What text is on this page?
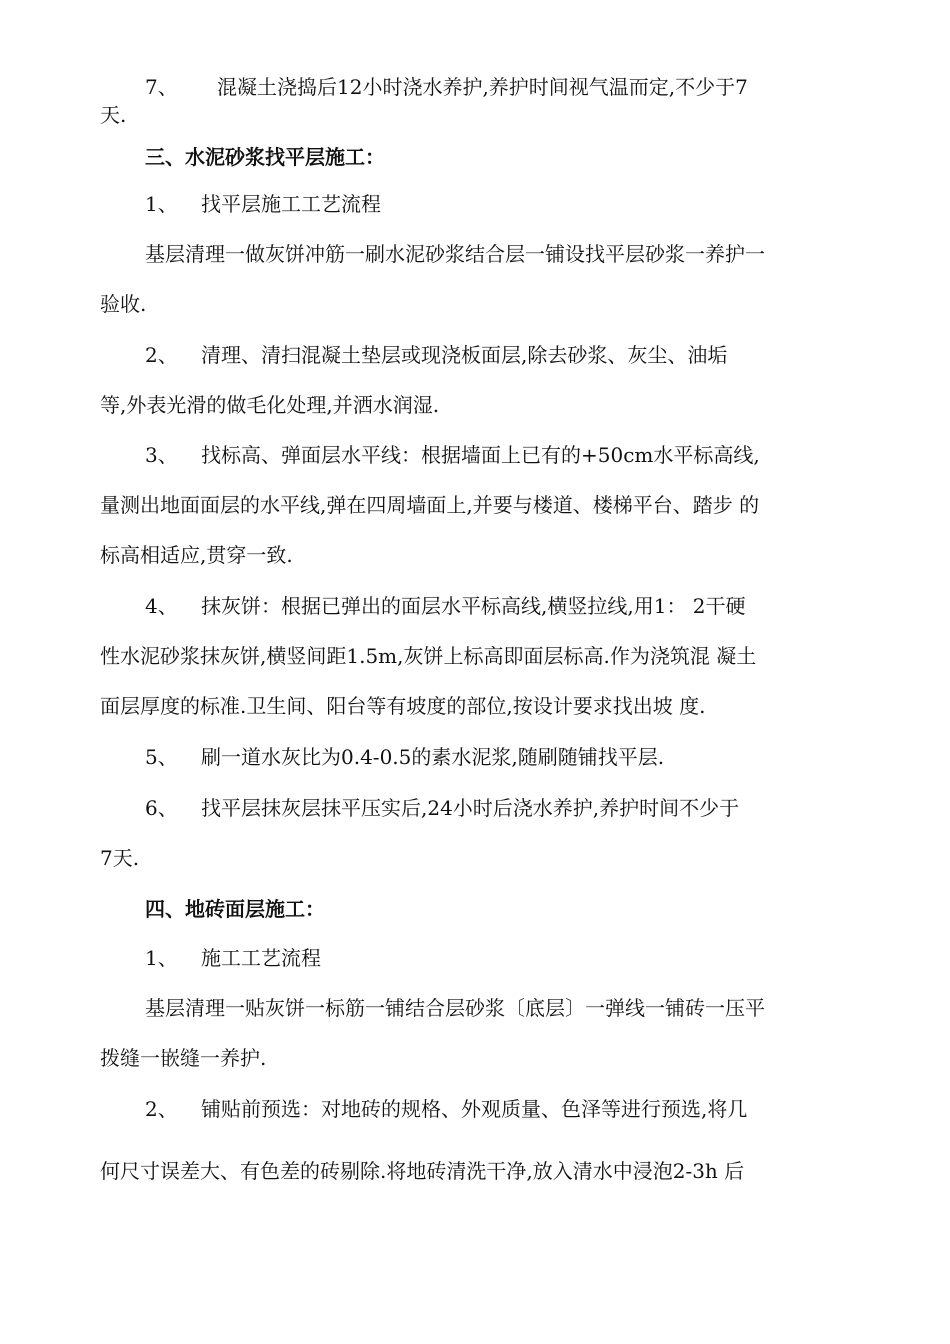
7、 混凝土浇捣后12小时浇水养护,养护时间视气温而定,不少于7
天.
三、水泥砂浆找平层施工：
1、 找平层施工工艺流程
基层清理一做灰饼冲筋一刷水泥砂浆结合层一铺设找平层砂浆一养护一
验收.
2、 清理、清扫混凝土垫层或现浇板面层,除去砂浆、灰尘、油垢
等,外表光滑的做毛化处理,并洒水润湿.
3、 找标高、弹面层水平线：根据墙面上已有的+50cm水平标高线,
量测出地面面层的水平线,弹在四周墙面上,并要与楼道、楼梯平台、踏步 的
标高相适应,贯穿一致.
4、 抹灰饼：根据已弹出的面层水平标高线,横竖拉线,用1： 2干硬
性水泥砂浆抹灰饼,横竖间距1.5m,灰饼上标高即面层标高.作为浇筑混 凝土
面层厚度的标准.卫生间、阳台等有坡度的部位,按设计要求找出坡 度.
5、 刷一道水灰比为0.4-0.5的素水泥浆,随刷随铺找平层.
6、 找平层抹灰层抹平压实后,24小时后浇水养护,养护时间不少于
7天.
四、地砖面层施工：
1、 施工工艺流程
基层清理一贴灰饼一标筋一铺结合层砂浆〔底层〕一弹线一铺砖一压平
拨缝一嵌缝一养护.
2、 铺贴前预选：对地砖的规格、外观质量、色泽等进行预选,将几
何尺寸误差大、有色差的砖剔除.将地砖清洗干净,放入清水中浸泡2-3h 后
